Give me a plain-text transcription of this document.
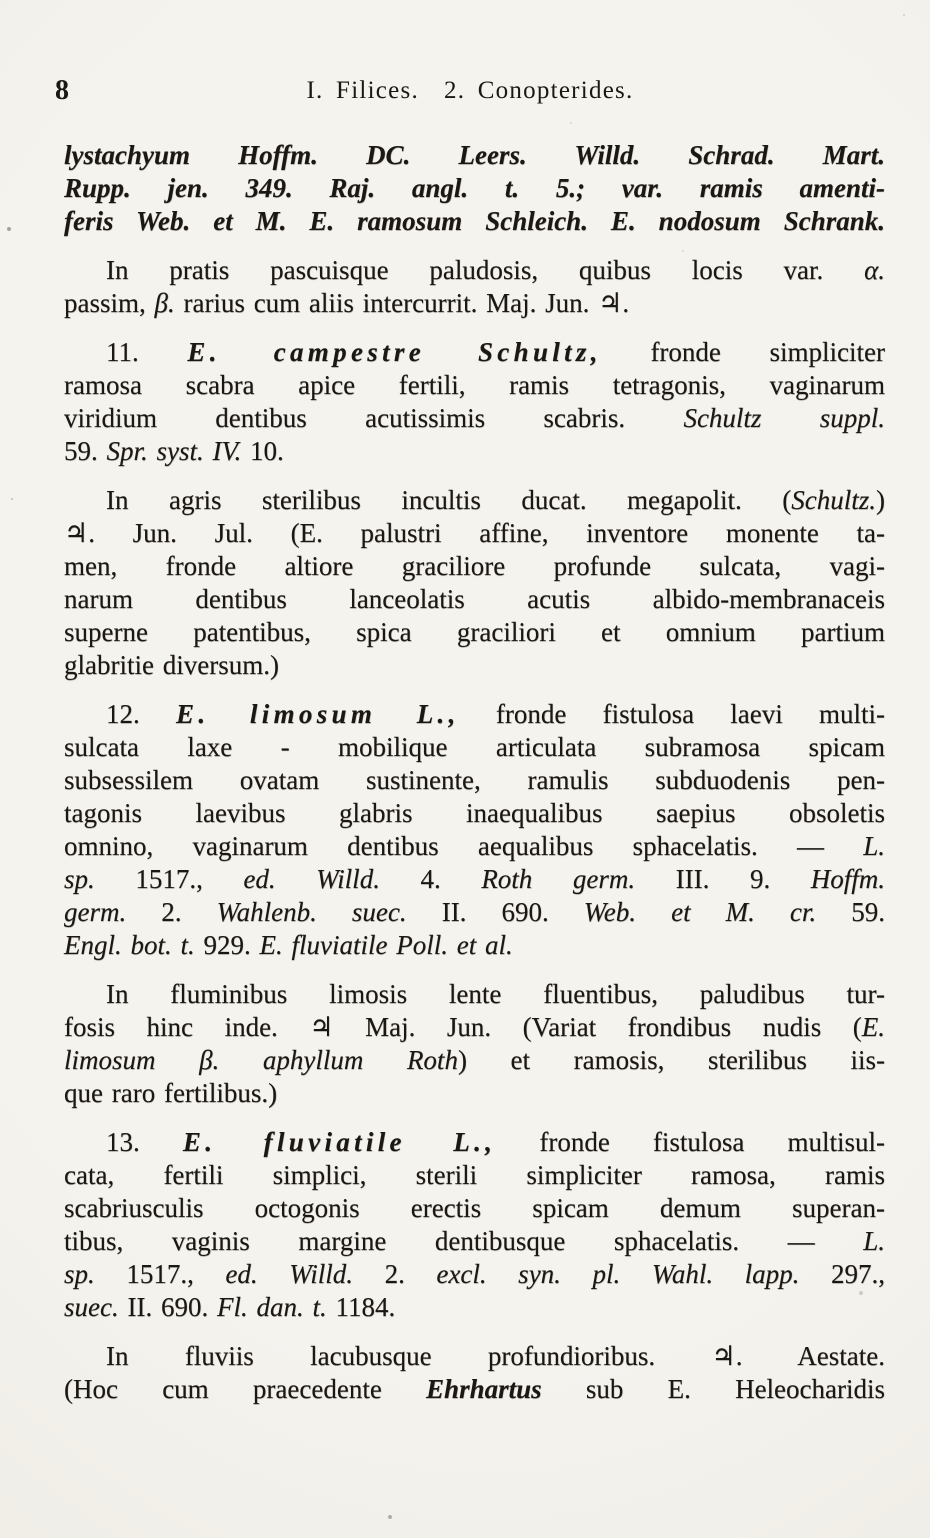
8	I. Filices.  2. Conopterides.
lystachyum Hoffm. DC. Leers. Willd. Schrad. Mart.
Rupp. jen. 349. Raj. angl. t. 5.; var. ramis amenti-
feris Web. et M. E. ramosum Schleich. E. nodosum Schrank.
In pratis pascuisque paludosis, quibus locis var. α.
passim, β. rarius cum aliis intercurrit. Maj. Jun. ♃.
11. E. campestre Schultz, fronde simpliciter
ramosa scabra apice fertili, ramis tetragonis, vaginarum
viridium dentibus acutissimis scabris. Schultz suppl.
59. Spr. syst. IV. 10.
In agris sterilibus incultis ducat. megapolit. (Schultz.)
♃. Jun. Jul. (E. palustri affine, inventore monente ta-
men, fronde altiore graciliore profunde sulcata, vagi-
narum dentibus lanceolatis acutis albido-membranaceis
superne patentibus, spica graciliori et omnium partium
glabritie diversum.)
12. E. limosum L., fronde fistulosa laevi multi-
sulcata laxe - mobilique articulata subramosa spicam
subsessilem ovatam sustinente, ramulis subduodenis pen-
tagonis laevibus glabris inaequalibus saepius obsoletis
omnino, vaginarum dentibus aequalibus sphacelatis. — L.
sp. 1517., ed. Willd. 4. Roth germ. III. 9. Hoffm.
germ. 2. Wahlenb. suec. II. 690. Web. et M. cr. 59.
Engl. bot. t. 929. E. fluviatile Poll. et al.
In fluminibus limosis lente fluentibus, paludibus tur-
fosis hinc inde. ♃ Maj. Jun. (Variat frondibus nudis (E.
limosum β. aphyllum Roth) et ramosis, sterilibus iis-
que raro fertilibus.)
13. E. fluviatile L., fronde fistulosa multisul-
cata, fertili simplici, sterili simpliciter ramosa, ramis
scabriusculis octogonis erectis spicam demum superan-
tibus, vaginis margine dentibusque sphacelatis. — L.
sp. 1517., ed. Willd. 2. excl. syn. pl. Wahl. lapp. 297.,
suec. II. 690. Fl. dan. t. 1184.
In fluviis lacubusque profundioribus. ♃. Aestate.
(Hoc cum praecedente Ehrhartus sub E. Heleocharidis
